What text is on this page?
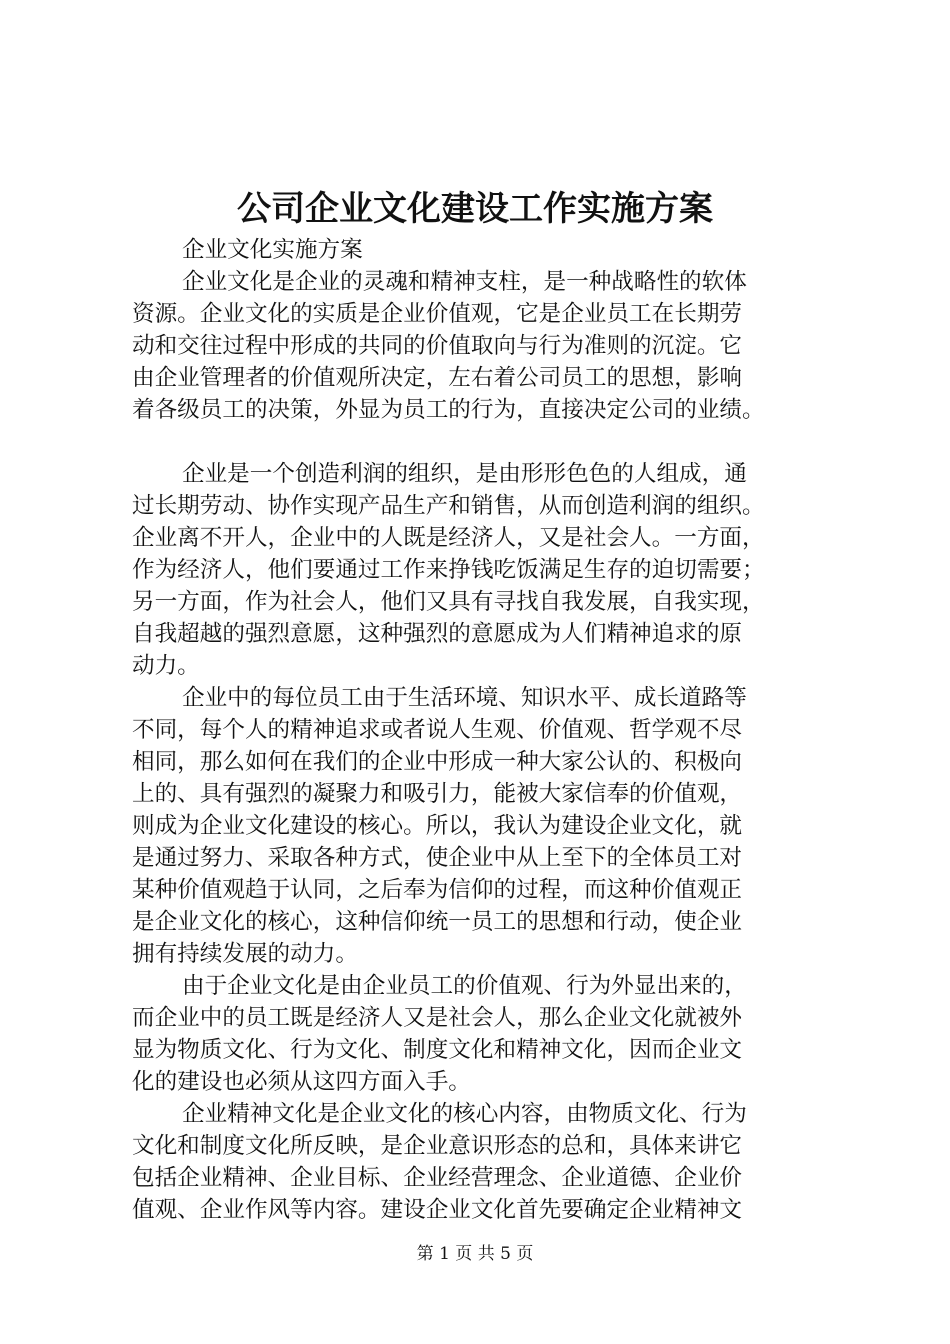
公司企业文化建设工作实施方案
企业文化实施方案
企业文化是企业的灵魂和精神支柱，是一种战略性的软体
资源。企业文化的实质是企业价值观，它是企业员工在长期劳
动和交往过程中形成的共同的价值取向与行为准则的沉淀。它
由企业管理者的价值观所决定，左右着公司员工的思想，影响
着各级员工的决策，外显为员工的行为，直接决定公司的业绩。
企业是一个创造利润的组织，是由形形色色的人组成，通
过长期劳动、协作实现产品生产和销售，从而创造利润的组织。
企业离不开人，企业中的人既是经济人，又是社会人。一方面，
作为经济人，他们要通过工作来挣钱吃饭满足生存的迫切需要；
另一方面，作为社会人，他们又具有寻找自我发展，自我实现，
自我超越的强烈意愿，这种强烈的意愿成为人们精神追求的原
动力。
企业中的每位员工由于生活环境、知识水平、成长道路等
不同，每个人的精神追求或者说人生观、价值观、哲学观不尽
相同，那么如何在我们的企业中形成一种大家公认的、积极向
上的、具有强烈的凝聚力和吸引力，能被大家信奉的价值观，
则成为企业文化建设的核心。所以，我认为建设企业文化，就
是通过努力、采取各种方式，使企业中从上至下的全体员工对
某种价值观趋于认同，之后奉为信仰的过程，而这种价值观正
是企业文化的核心，这种信仰统一员工的思想和行动，使企业
拥有持续发展的动力。
由于企业文化是由企业员工的价值观、行为外显出来的，
而企业中的员工既是经济人又是社会人，那么企业文化就被外
显为物质文化、行为文化、制度文化和精神文化，因而企业文
化的建设也必须从这四方面入手。
企业精神文化是企业文化的核心内容，由物质文化、行为
文化和制度文化所反映，是企业意识形态的总和，具体来讲它
包括企业精神、企业目标、企业经营理念、企业道德、企业价
值观、企业作风等内容。建设企业文化首先要确定企业精神文
第 1 页 共 5 页
